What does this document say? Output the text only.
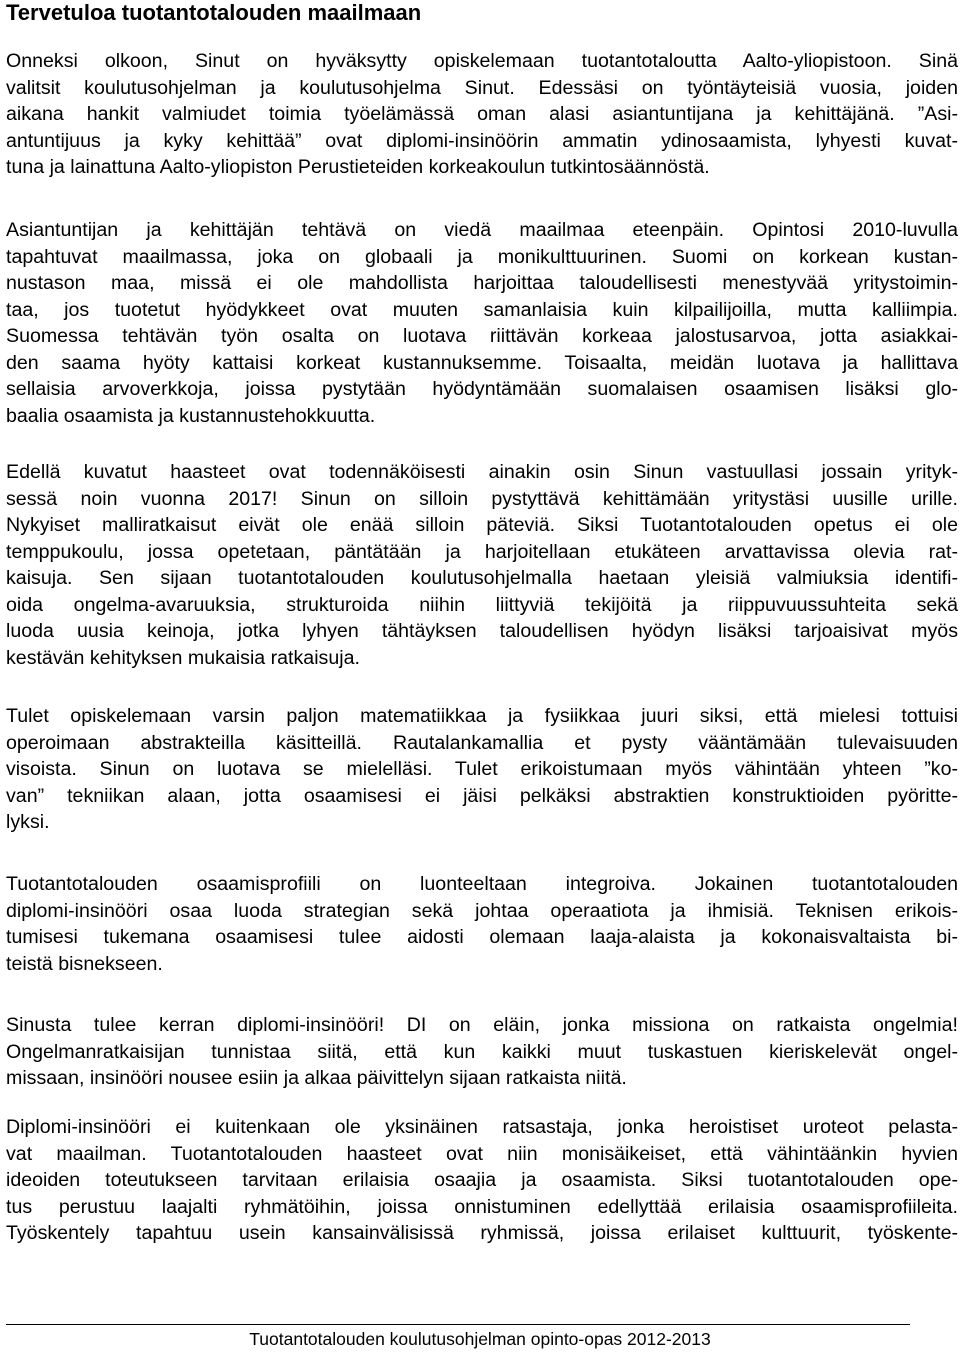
Tervetuloa tuotantotalouden maailmaan
Onneksi olkoon, Sinut on hyväksytty opiskelemaan tuotantotaloutta Aalto-yliopistoon. Sinä
valitsit koulutusohjelman ja koulutusohjelma Sinut. Edessäsi on työntäyteisiä vuosia, joiden
aikana hankit valmiudet toimia työelämässä oman alasi asiantuntijana ja kehittäjänä. ”Asi-
antuntijuus ja kyky kehittää” ovat diplomi-insinöörin ammatin ydinosaamista, lyhyesti kuvat-
tuna ja lainattuna Aalto-yliopiston Perustieteiden korkeakoulun tutkintosäännöstä.
Asiantuntijan ja kehittäjän tehtävä on viedä maailmaa eteenpäin. Opintosi 2010-luvulla
tapahtuvat maailmassa, joka on globaali ja monikulttuurinen. Suomi on korkean kustan-
nustason maa, missä ei ole mahdollista harjoittaa taloudellisesti menestyvää yritystoimin-
taa, jos tuotetut hyödykkeet ovat muuten samanlaisia kuin kilpailijoilla, mutta kalliimpia.
Suomessa tehtävän työn osalta on luotava riittävän korkeaa jalostusarvoa, jotta asiakkai-
den saama hyöty kattaisi korkeat kustannuksemme. Toisaalta, meidän luotava ja hallittava
sellaisia arvoverkkoja, joissa pystytään hyödyntämään suomalaisen osaamisen lisäksi glo-
baalia osaamista ja kustannustehokkuutta.
Edellä kuvatut haasteet ovat todennäköisesti ainakin osin Sinun vastuullasi jossain yrityk-
sessä noin vuonna 2017! Sinun on silloin pystyttävä kehittämään yritystäsi uusille urille.
Nykyiset malliratkaisut eivät ole enää silloin päteviä. Siksi Tuotantotalouden opetus ei ole
temppukoulu, jossa opetetaan, päntätään ja harjoitellaan etukäteen arvattavissa olevia rat-
kaisuja. Sen sijaan tuotantotalouden koulutusohjelmalla haetaan yleisiä valmiuksia identifi-
oida ongelma-avaruuksia, strukturoida niihin liittyviä tekijöitä ja riippuvuussuhteita sekä
luoda uusia keinoja, jotka lyhyen tähtäyksen taloudellisen hyödyn lisäksi tarjoaisivat myös
kestävän kehityksen mukaisia ratkaisuja.
Tulet opiskelemaan varsin paljon matematiikkaa ja fysiikkaa juuri siksi, että mielesi tottuisi
operoimaan abstrakteilla käsitteillä. Rautalankamallia et pysty vääntämään tulevaisuuden
visoista. Sinun on luotava se mielelläsi. Tulet erikoistumaan myös vähintään yhteen ”ko-
van” tekniikan alaan, jotta osaamisesi ei jäisi pelkäksi abstraktien konstruktioiden pyöritte-
lyksi.
Tuotantotalouden osaamisprofiili on luonteeltaan integroiva. Jokainen tuotantotalouden
diplomi-insinööri osaa luoda strategian sekä johtaa operaatiota ja ihmisiä. Teknisen erikois-
tumisesi tukemana osaamisesi tulee aidosti olemaan laaja-alaista ja kokonaisvaltaista bi-
teistä bisnekseen.
Sinusta tulee kerran diplomi-insinööri! DI on eläin, jonka missiona on ratkaista ongelmia!
Ongelmanratkaisijan tunnistaa siitä, että kun kaikki muut tuskastuen kieriskelevät ongel-
missaan, insinööri nousee esiin ja alkaa päivittelyn sijaan ratkaista niitä.
Diplomi-insinööri ei kuitenkaan ole yksinäinen ratsastaja, jonka heroistiset uroteot pelasta-
vat maailman. Tuotantotalouden haasteet ovat niin monisäikeiset, että vähintäänkin hyvien
ideoiden toteutukseen tarvitaan erilaisia osaajia ja osaamista. Siksi tuotantotalouden ope-
tus perustuu laajalti ryhmätöihin, joissa onnistuminen edellyttää erilaisia osaamisprofiileita.
Työskentely tapahtuu usein kansainvälisissä ryhmissä, joissa erilaiset kulttuurit, työskente-

Tuotantotalouden koulutusohjelman opinto-opas 2012-2013
